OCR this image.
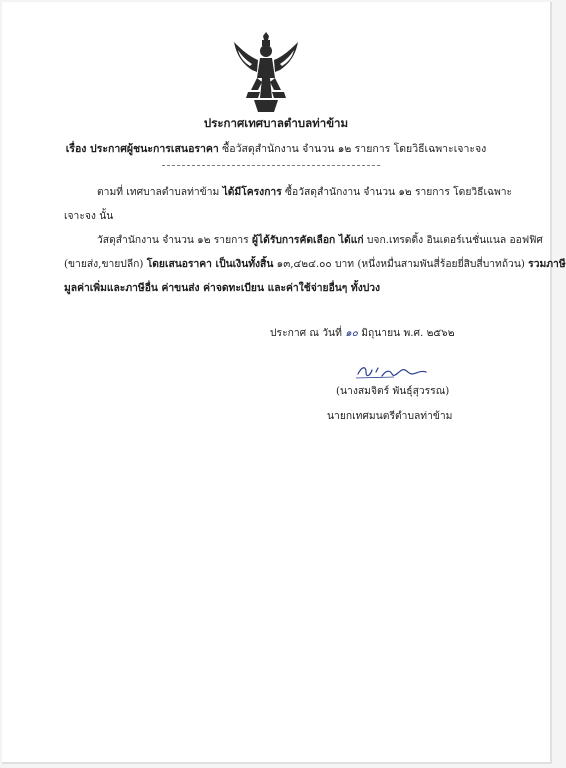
ประกาศเทศบาลตำบลท่าข้าม
เรื่อง ประกาศผู้ชนะการเสนอราคา ซื้อวัสดุสำนักงาน จำนวน ๑๒ รายการ โดยวิธีเฉพาะเจาะจง
ตามที่ เทศบาลตำบลท่าข้าม ได้มีโครงการ ซื้อวัสดุสำนักงาน จำนวน ๑๒ รายการ โดยวิธีเฉพาะ
เจาะจง นั้น
วัสดุสำนักงาน จำนวน ๑๒ รายการ ผู้ได้รับการคัดเลือก ได้แก่ บจก.เทรดดิ้ง อินเตอร์เนชั่นแนล ออฟฟิศ
(ขายส่ง,ขายปลีก) โดยเสนอราคา เป็นเงินทั้งสิ้น ๑๓,๔๒๔.๐๐ บาท (หนึ่งหมื่นสามพันสี่ร้อยยี่สิบสี่บาทถ้วน) รวมภาษี
มูลค่าเพิ่มและภาษีอื่น ค่าขนส่ง ค่าจดทะเบียน และค่าใช้จ่ายอื่นๆ ทั้งปวง
ประกาศ ณ วันที่ ๑๐ มิถุนายน พ.ศ. ๒๕๖๒
(นางสมจิตร์ พันธุ์สุวรรณ)
นายกเทศมนตรีตำบลท่าข้าม
